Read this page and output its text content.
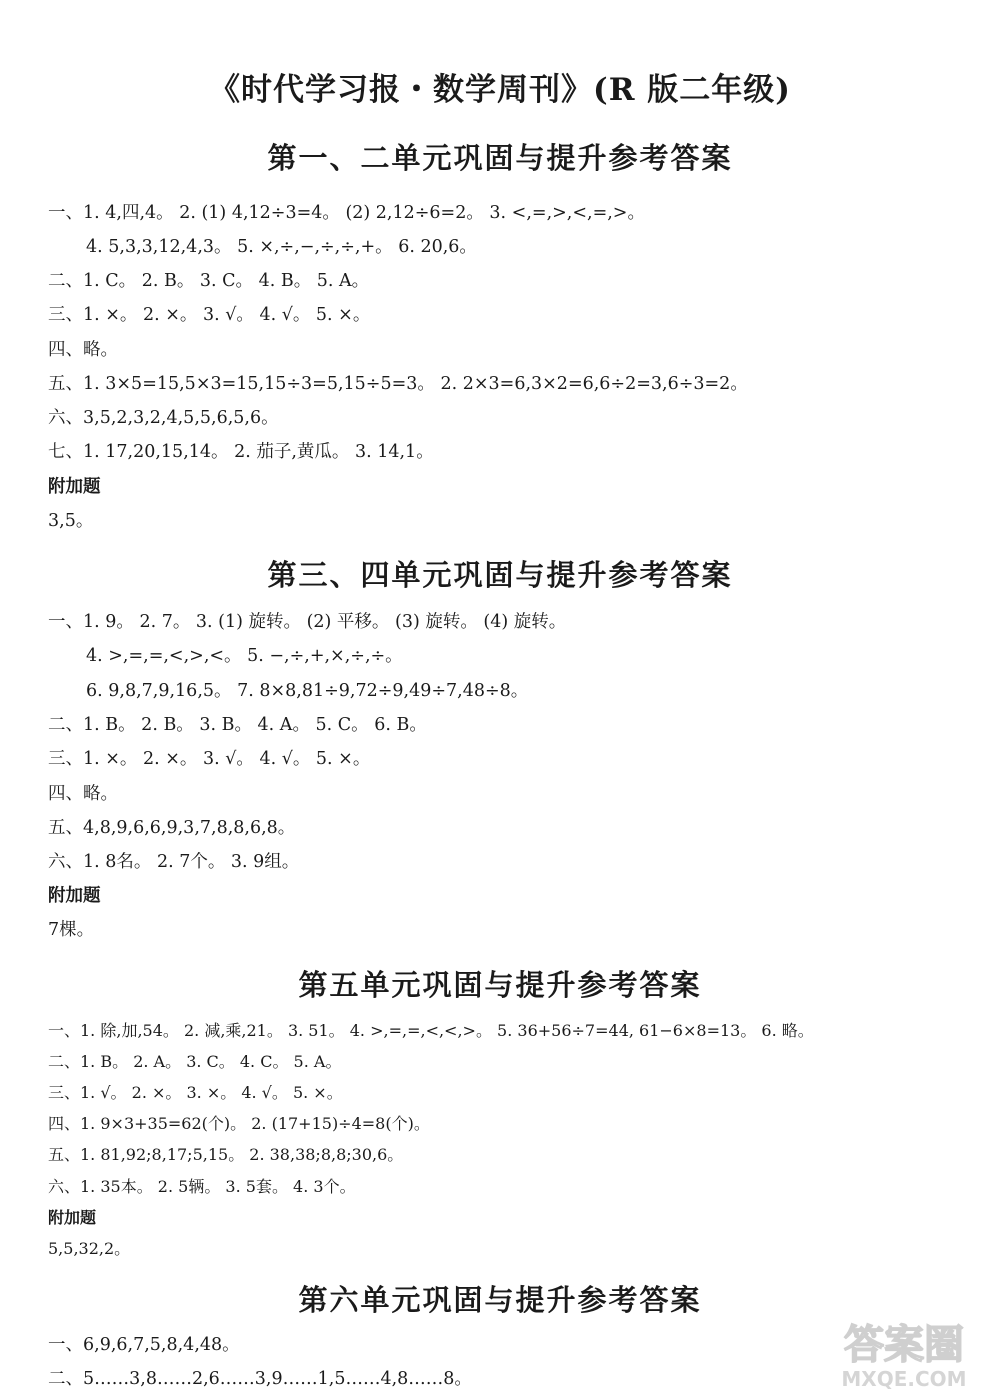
《时代学习报・数学周刊》(R 版二年级)
第一、二单元巩固与提升参考答案
一、1. 4,四,4。 2. (1) 4,12÷3=4。 (2) 2,12÷6=2。 3. <,=,>,<,=,>。
4. 5,3,3,12,4,3。 5. ×,÷,−,÷,÷,+。 6. 20,6。
二、1. C。 2. B。 3. C。 4. B。 5. A。
三、1. ×。 2. ×。 3. √。 4. √。 5. ×。
四、略。
五、1. 3×5=15,5×3=15,15÷3=5,15÷5=3。 2. 2×3=6,3×2=6,6÷2=3,6÷3=2。
六、3,5,2,3,2,4,5,5,6,5,6。
七、1. 17,20,15,14。 2. 茄子,黄瓜。 3. 14,1。
附加题
3,5。
第三、四单元巩固与提升参考答案
一、1. 9。 2. 7。 3. (1) 旋转。 (2) 平移。 (3) 旋转。 (4) 旋转。
4. >,=,=,<,>,<。 5. −,÷,+,×,÷,÷。
6. 9,8,7,9,16,5。 7. 8×8,81÷9,72÷9,49÷7,48÷8。
二、1. B。 2. B。 3. B。 4. A。 5. C。 6. B。
三、1. ×。 2. ×。 3. √。 4. √。 5. ×。
四、略。
五、4,8,9,6,6,9,3,7,8,8,6,8。
六、1. 8名。 2. 7个。 3. 9组。
附加题
7棵。
第五单元巩固与提升参考答案
一、1. 除,加,54。 2. 减,乘,21。 3. 51。 4. >,=,=,<,<,>。 5. 36+56÷7=44, 61−6×8=13。 6. 略。
二、1. B。 2. A。 3. C。 4. C。 5. A。
三、1. √。 2. ×。 3. ×。 4. √。 5. ×。
四、1. 9×3+35=62(个)。 2. (17+15)÷4=8(个)。
五、1. 81,92;8,17;5,15。 2. 38,38;8,8;30,6。
六、1. 35本。 2. 5辆。 3. 5套。 4. 3个。
附加题
5,5,32,2。
第六单元巩固与提升参考答案
一、6,9,6,7,5,8,4,48。
二、5……3,8……2,6……3,9……1,5……4,8……8。
答案圈
MXQE.COM
